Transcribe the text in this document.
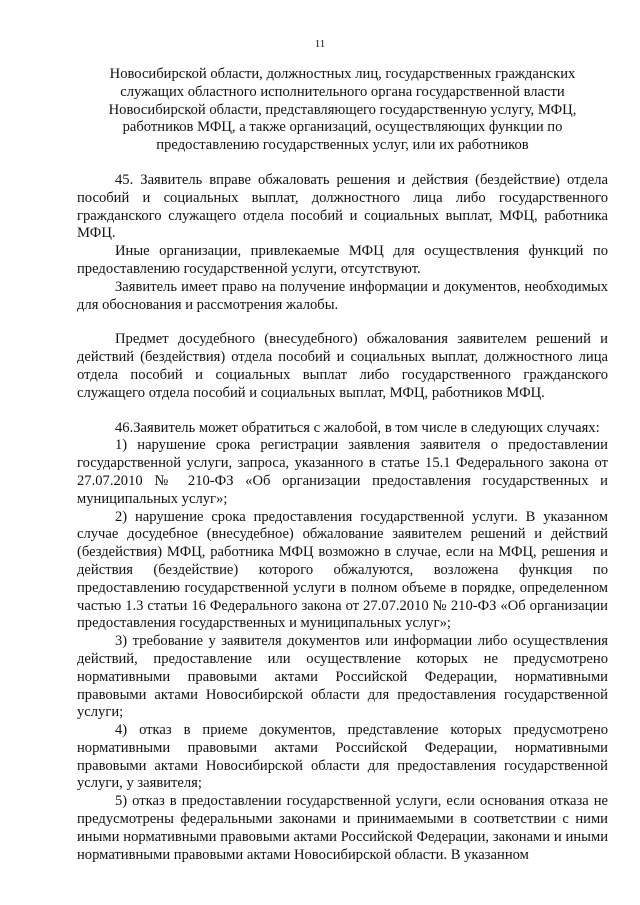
11
Новосибирской области, должностных лиц, государственных гражданских служащих областного исполнительного органа государственной власти Новосибирской области, представляющего государственную услугу, МФЦ, работников МФЦ, а также организаций, осуществляющих функции по предоставлению государственных услуг, или их работников

45. Заявитель вправе обжаловать решения и действия (бездействие) отдела пособий и социальных выплат, должностного лица либо государственного гражданского служащего отдела пособий и социальных выплат, МФЦ, работника МФЦ.

Иные организации, привлекаемые МФЦ для осуществления функций по предоставлению государственной услуги, отсутствуют.

Заявитель имеет право на получение информации и документов, необходимых для обоснования и рассмотрения жалобы.

Предмет досудебного (внесудебного) обжалования заявителем решений и действий (бездействия) отдела пособий и социальных выплат, должностного лица отдела пособий и социальных выплат либо государственного гражданского служащего отдела пособий и социальных выплат, МФЦ, работников МФЦ.

46.Заявитель может обратиться с жалобой, в том числе в следующих случаях:

1) нарушение срока регистрации заявления заявителя о предоставлении государственной услуги, запроса, указанного в статье 15.1 Федерального закона от 27.07.2010 № 210-ФЗ «Об организации предоставления государственных и муниципальных услуг»;

2) нарушение срока предоставления государственной услуги. В указанном случае досудебное (внесудебное) обжалование заявителем решений и действий (бездействия) МФЦ, работника МФЦ возможно в случае, если на МФЦ, решения и действия (бездействие) которого обжалуются, возложена функция по предоставлению государственной услуги в полном объеме в порядке, определенном частью 1.3 статьи 16 Федерального закона от 27.07.2010 № 210-ФЗ «Об организации предоставления государственных и муниципальных услуг»;

3) требование у заявителя документов или информации либо осуществления действий, предоставление или осуществление которых не предусмотрено нормативными правовыми актами Российской Федерации, нормативными правовыми актами Новосибирской области для предоставления государственной услуги;

4) отказ в приеме документов, представление которых предусмотрено нормативными правовыми актами Российской Федерации, нормативными правовыми актами Новосибирской области для предоставления государственной услуги, у заявителя;

5) отказ в предоставлении государственной услуги, если основания отказа не предусмотрены федеральными законами и принимаемыми в соответствии с ними иными нормативными правовыми актами Российской Федерации, законами и иными нормативными правовыми актами Новосибирской области. В указанном
